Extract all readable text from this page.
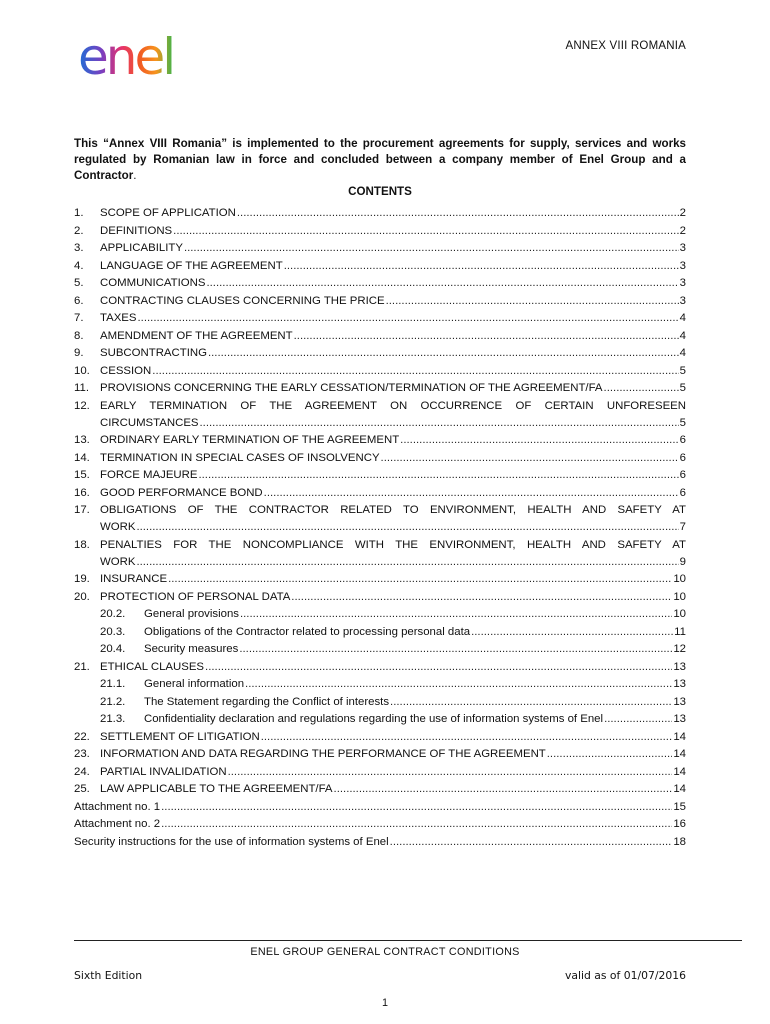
enel	ANNEX VIII ROMANIA
This “Annex VIII Romania” is implemented to the procurement agreements for supply, services and works regulated by Romanian law in force and concluded between a company member of Enel Group and a Contractor.
CONTENTS
1. SCOPE OF APPLICATION .....	2
2. DEFINITIONS .....	2
3. APPLICABILITY .....	3
4. LANGUAGE OF THE AGREEMENT .....	3
5. COMMUNICATIONS .....	3
6. CONTRACTING CLAUSES CONCERNING THE PRICE .....	3
7. TAXES .....	4
8. AMENDMENT OF THE AGREEMENT .....	4
9. SUBCONTRACTING .....	4
10. CESSION .....	5
11. PROVISIONS CONCERNING THE EARLY CESSATION/TERMINATION OF THE AGREEMENT/FA .....	5
12. EARLY TERMINATION OF THE AGREEMENT ON OCCURRENCE OF CERTAIN UNFORESEEN
CIRCUMSTANCES .....	5
13. ORDINARY EARLY TERMINATION OF THE AGREEMENT .....	6
14. TERMINATION IN SPECIAL CASES OF INSOLVENCY .....	6
15. FORCE MAJEURE .....	6
16. GOOD PERFORMANCE BOND .....	6
17. OBLIGATIONS OF THE CONTRACTOR RELATED TO ENVIRONMENT, HEALTH AND SAFETY AT
WORK .....	7
18. PENALTIES FOR THE NONCOMPLIANCE WITH THE ENVIRONMENT, HEALTH AND SAFETY AT
WORK .....	9
19. INSURANCE .....	10
20. PROTECTION OF PERSONAL DATA .....	10
20.2. General provisions .....	10
20.3. Obligations of the Contractor related to processing personal data .....	11
20.4. Security measures .....	12
21. ETHICAL CLAUSES .....	13
21.1. General information .....	13
21.2. The Statement regarding the Conflict of interests .....	13
21.3. Confidentiality declaration and regulations regarding the use of information systems of Enel .....	13
22. SETTLEMENT OF LITIGATION .....	14
23. INFORMATION AND DATA REGARDING THE PERFORMANCE OF THE AGREEMENT .....	14
24. PARTIAL INVALIDATION .....	14
25. LAW APPLICABLE TO THE AGREEMENT/FA .....	14
Attachment no. 1 .....	15
Attachment no. 2 .....	16
Security instructions for the use of information systems of Enel .....	18
ENEL GROUP GENERAL CONTRACT CONDITIONS
Sixth Edition	valid as of 01/07/2016
1
